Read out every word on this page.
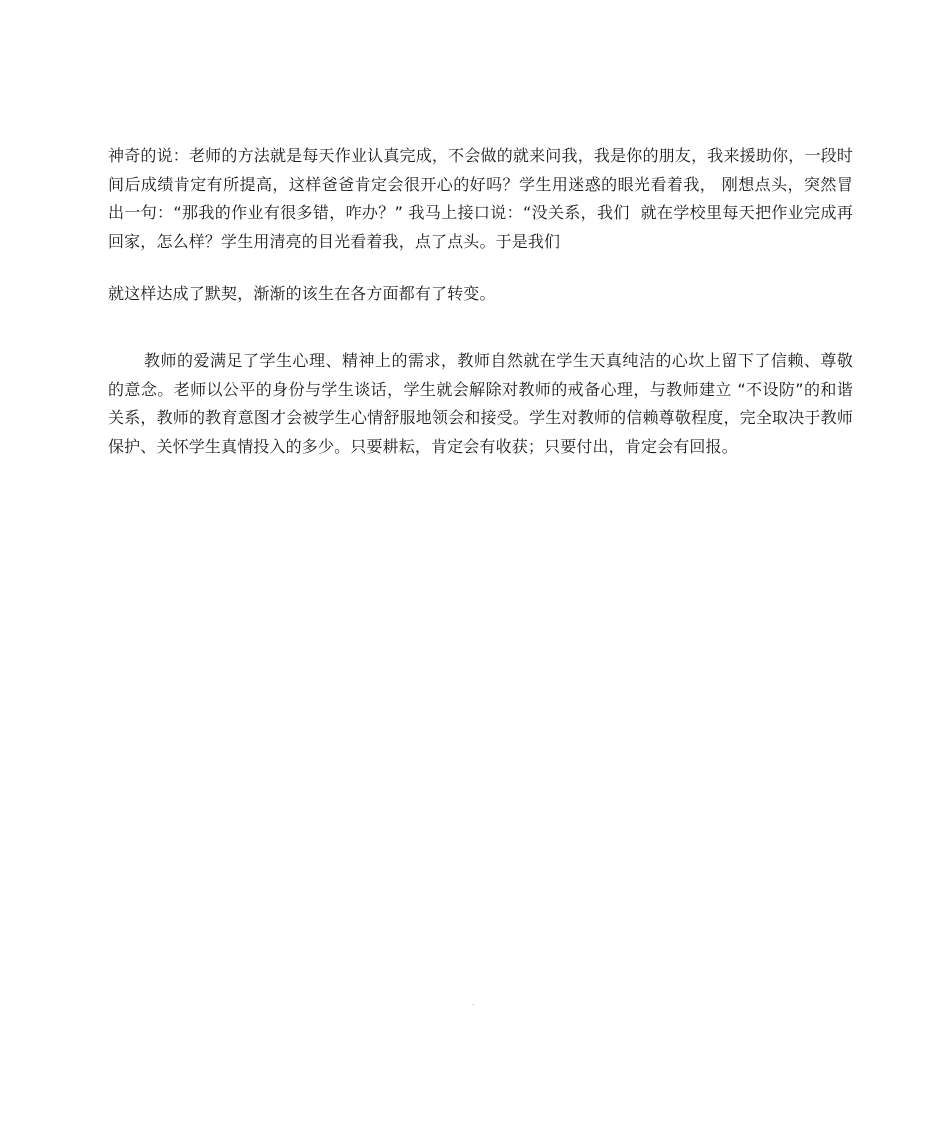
神奇的说：老师的方法就是每天作业认真完成，不会做的就来问我，我是你的朋友，我来援助你，一段时间后成绩肯定有所提高，这样爸爸肯定会很开心的好吗？学生用迷惑的眼光看着我， 刚想点头，突然冒出一句：“那我的作业有很多错，咋办？” 我马上接口说：“没关系，我们  就在学校里每天把作业完成再回家，怎么样？学生用清亮的目光看着我，点了点头。于是我们
就这样达成了默契，渐渐的该生在各方面都有了转变。
教师的爱满足了学生心理、精神上的需求，教师自然就在学生天真纯洁的心坎上留下了信赖、尊敬的意念。老师以公平的身份与学生谈话，学生就会解除对教师的戒备心理，与教师建立 “不设防”的和谐关系，教师的教育意图才会被学生心情舒服地领会和接受。学生对教师的信赖尊敬程度，完全取决于教师保护、关怀学生真情投入的多少。只要耕耘，肯定会有收获；只要付出，肯定会有回报。
.
